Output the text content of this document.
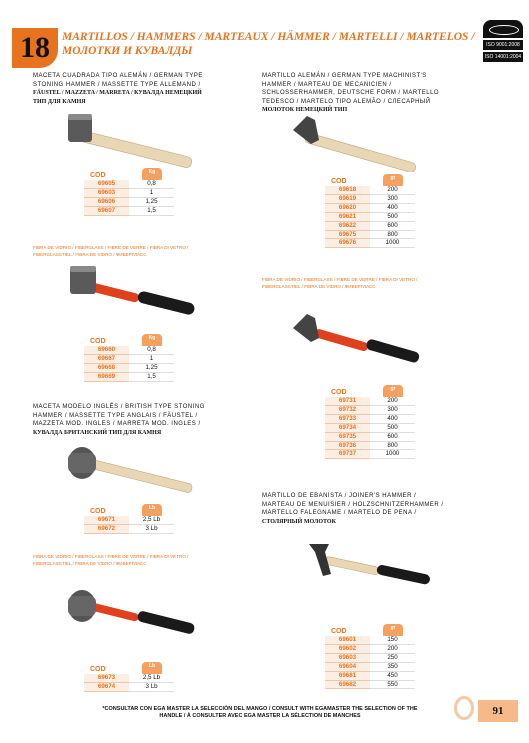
18	MARTILLOS / HAMMERS / MARTEAUX / HÄMMER / MARTELLI / MARTELOS /
МОЛОТКИ И КУВАЛДЫ	ISO 9001:2008
ISO 14001:2004
MACETA CUADRADA TIPO ALEMÁN / GERMAN TYPE
STONING HAMMER / MASSETTE TYPE ALLEMAND /
FÄUSTEL / MAZZETA / MARRETA / КУВАЛДА НЕМЕЦКИЙ
ТИП ДЛЯ КАМНЯ
COD	Kg
69605	0,8
69603	1
69606	1,25
69607	1,5
FIBRA DE VIDRIO / FIBERGLASS / FIBRE DE VERRE / FIBRA DI VETRO /
FIBERGLASSTIEL / FIBRA DE VIDRO / ФИБЕРГЛАСС
COD	Kg
69660	0,8
69667	1
69668	1,25
69669	1,5
MACETA MODELO INGLÉS / BRITISH TYPE STONING
HAMMER / MASSETTE TYPE ANGLAIS / FÄUSTEL /
MAZZETA MOD. INGLES / MARRETA MOD. INGLES /
КУВАЛДА БРИТАНСКИЙ ТИП ДЛЯ КАМНЯ
COD	Lb
69671	2,5 Lb
69672	3 Lb
FIBRA DE VIDRIO / FIBERGLASS / FIBRE DE VERRE / FIBRA DI VETRO /
FIBERGLASSTIEL / FIBRA DE VIDRO / ФИБЕРГЛАСС
COD	Lb
69673	2,5 Lb
69674	3 Lb
MARTILLO ALEMÁN / GERMAN TYPE MACHINIST'S
HAMMER / MARTEAU DE MECANICIEN /
SCHLOSSERHAMMER, DEUTSCHE FORM / MARTELLO
TEDESCO / MARTELO TIPO ALEMÃO / СЛЕСАРНЫЙ
МОЛОТОК НЕМЕЦКИЙ ТИП
COD	gr
69618	200
69619	300
69620	400
69621	500
69622	600
69675	800
69676	1000
FIBRA DE VIDRIO / FIBERGLASS / FIBRE DE VERRE / FIBRA DI VETRO /
FIBERGLASSTIEL / FIBRA DE VIDRO / ФИБЕРГЛАСС
COD	gr
69731	200
69732	300
69733	400
69734	500
69735	600
69736	800
69737	1000
MARTILLO DE EBANISTA / JOINER'S HAMMER /
MARTEAU DE MENUISIER / HOLZSCHNITZERHAMMER /
MARTELLO FALEGNAME / MARTELO DE PENA /
СТОЛЯРНЫЙ МОЛОТОК
COD	gr
69601	150
69602	200
69603	250
69604	350
69681	450
69682	550
*CONSULTAR CON EGA MASTER LA SELECCIÓN DEL MANGO / CONSULT WITH EGAMASTER THE SELECTION OF THE
HANDLE / À CONSULTER AVEC EGA MASTER LA SÉLECTION DE MANCHES	91
